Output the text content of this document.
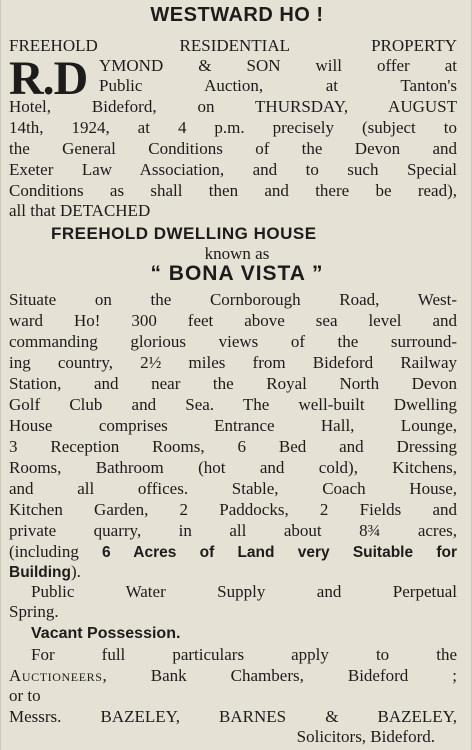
WESTWARD HO !
FREEHOLD RESIDENTIAL PROPERTY
R.D YMOND & SON will offer at
Public Auction, at Tanton's
Hotel, Bideford, on THURSDAY, AUGUST
14th, 1924, at 4 p.m. precisely (subject to
the General Conditions of the Devon and
Exeter Law Association, and to such Special
Conditions as shall then and there be read),
all that DETACHED
FREEHOLD DWELLING HOUSE
known as
“ BONA VISTA ”
Situate on the Cornborough Road, West-
ward Ho! 300 feet above sea level and
commanding glorious views of the surround-
ing country, 2½ miles from Bideford Railway
Station, and near the Royal North Devon
Golf Club and Sea. The well-built Dwelling
House comprises Entrance Hall, Lounge,
3 Reception Rooms, 6 Bed and Dressing
Rooms, Bathroom (hot and cold), Kitchens,
and all offices. Stable, Coach House,
Kitchen Garden, 2 Paddocks, 2 Fields and
private quarry, in all about 8¾ acres,
(including 6 Acres of Land very Suitable for
Building).
Public Water Supply and Perpetual
Spring.
Vacant Possession.
For full particulars apply to the
Auctioneers, Bank Chambers, Bideford ;
or to
Messrs. BAZELEY, BARNES & BAZELEY,
Solicitors, Bideford.
